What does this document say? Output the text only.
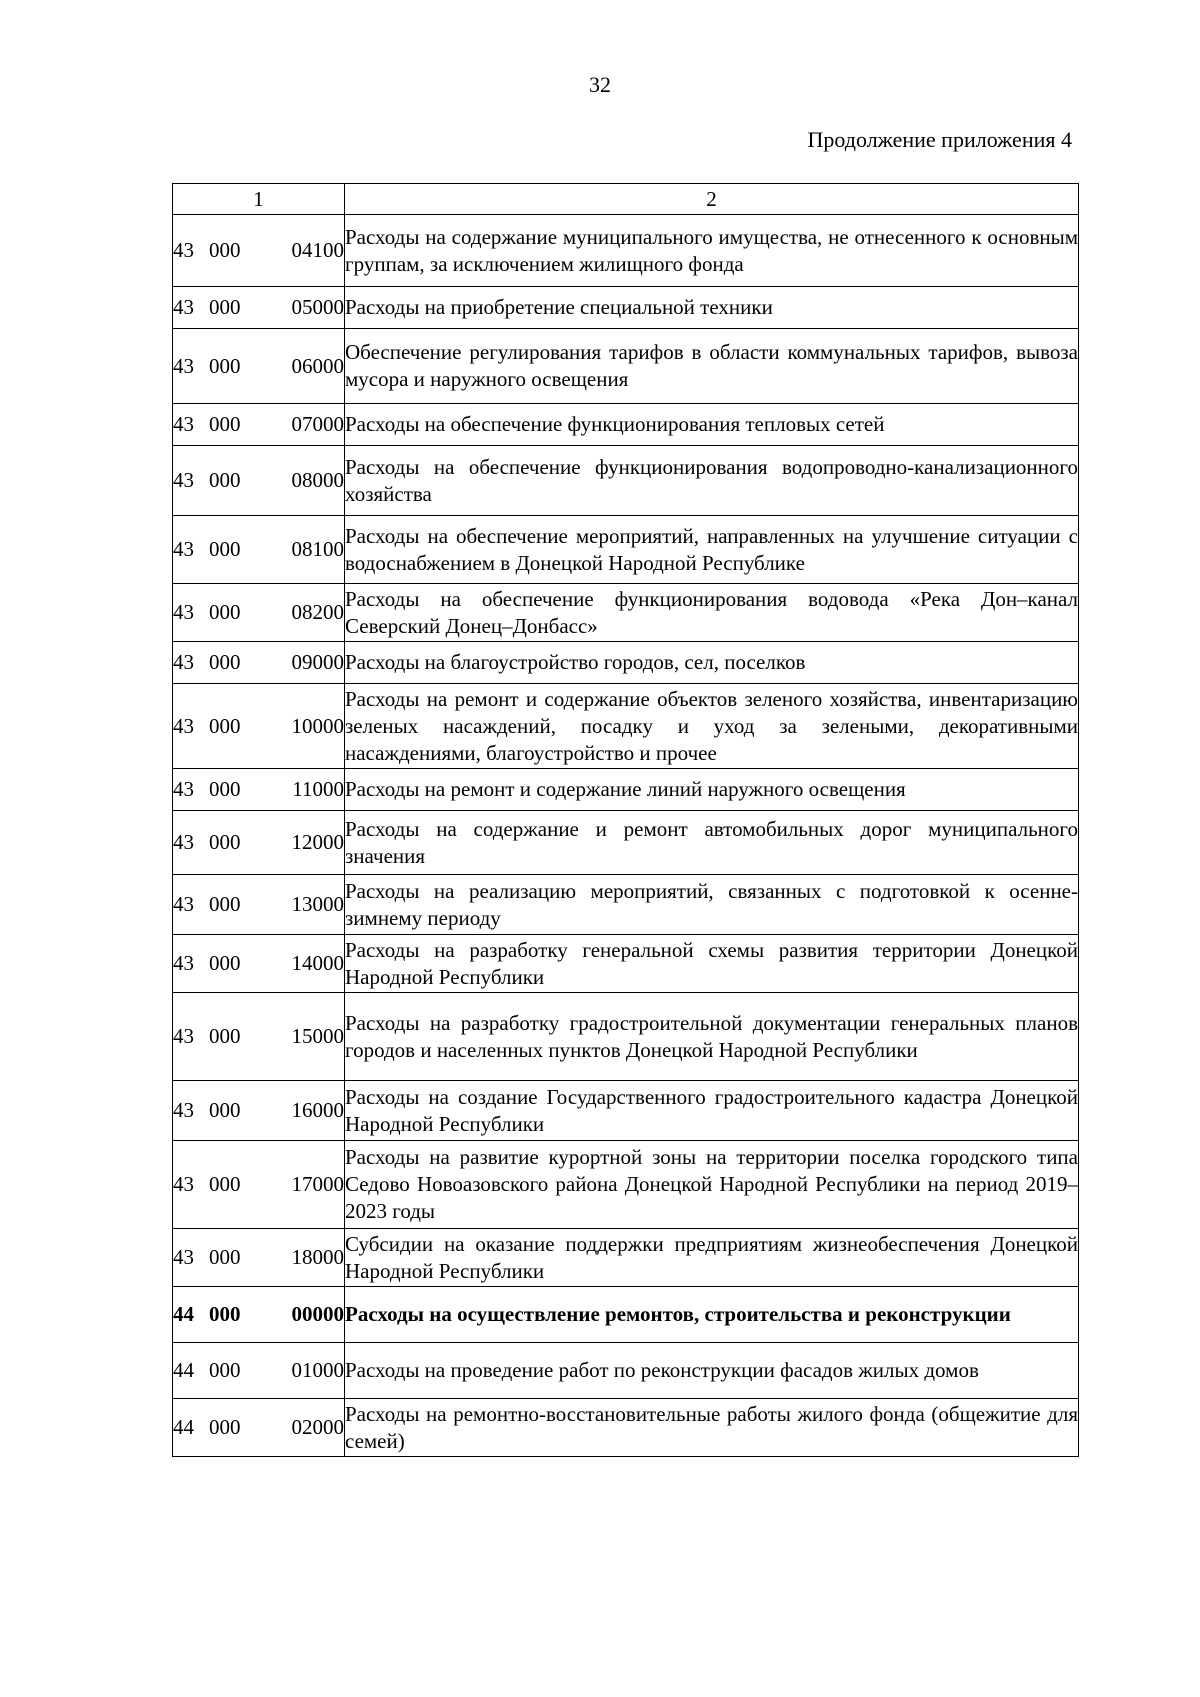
32
Продолжение приложения 4
1	2

43 000 04100	Расходы на содержание муниципального имущества, не отнесенного к основным группам, за исключением жилищного фонда

43 000 05000	Расходы на приобретение специальной техники

43 000 06000	Обеспечение регулирования тарифов в области коммунальных тарифов, вывоза мусора и наружного освещения

43 000 07000	Расходы на обеспечение функционирования тепловых сетей

43 000 08000	Расходы на обеспечение функционирования водопроводно-канализационного хозяйства

43 000 08100	Расходы на обеспечение мероприятий, направленных на улучшение ситуации с водоснабжением в Донецкой Народной Республике

43 000 08200	Расходы на обеспечение функционирования водовода «Река Дон–канал Северский Донец–Донбасс»

43 000 09000	Расходы на благоустройство городов, сел, поселков

43 000 10000	Расходы на ремонт и содержание объектов зеленого хозяйства, инвентаризацию зеленых насаждений, посадку и уход за зелеными, декоративными насаждениями, благоустройство и прочее

43 000 11000	Расходы на ремонт и содержание линий наружного освещения

43 000 12000	Расходы на содержание и ремонт автомобильных дорог муниципального значения

43 000 13000	Расходы на реализацию мероприятий, связанных с подготовкой к осенне-зимнему периоду

43 000 14000	Расходы на разработку генеральной схемы развития территории Донецкой Народной Республики

43 000 15000	Расходы на разработку градостроительной документации генеральных планов городов и населенных пунктов Донецкой Народной Республики

43 000 16000	Расходы на создание Государственного градостроительного кадастра Донецкой Народной Республики

43 000 17000	Расходы на развитие курортной зоны на территории поселка городского типа Седово Новоазовского района Донецкой Народной Республики на период 2019–2023 годы

43 000 18000	Субсидии на оказание поддержки предприятиям жизнеобеспечения Донецкой Народной Республики

44 000 00000	Расходы на осуществление ремонтов, строительства и реконструкции

44 000 01000	Расходы на проведение работ по реконструкции фасадов жилых домов

44 000 02000	Расходы на ремонтно-восстановительные работы жилого фонда (общежитие для семей)
